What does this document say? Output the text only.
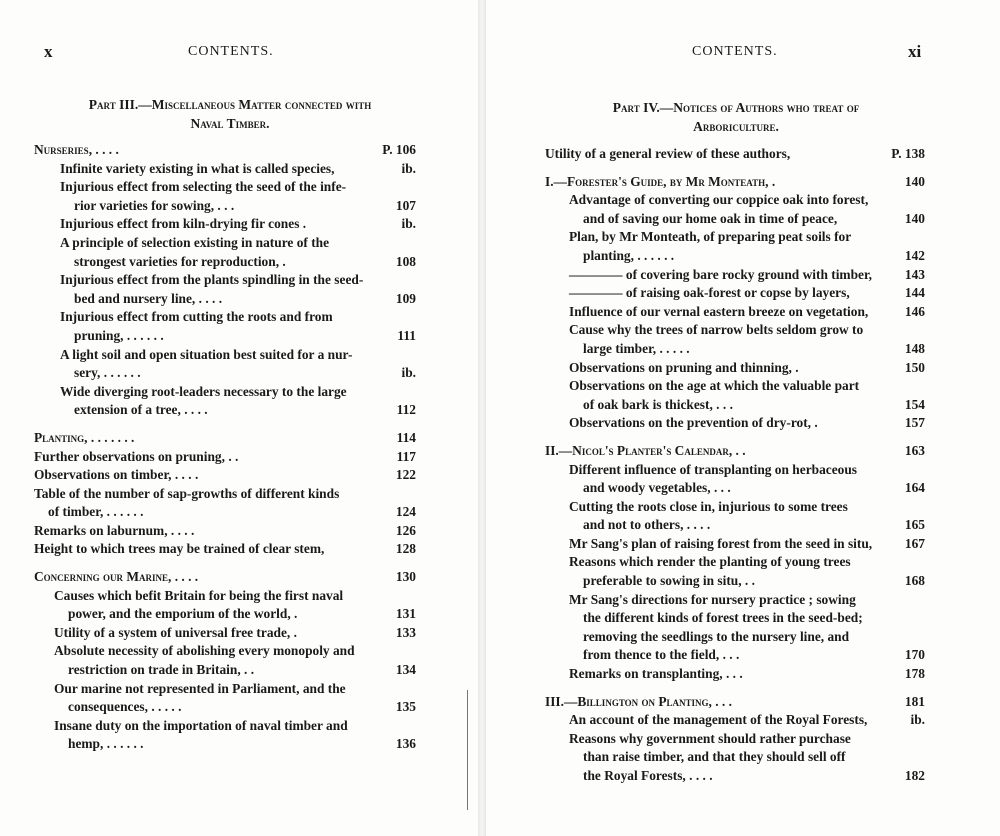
x	CONTENTS.
Part III.—Miscellaneous Matter connected with
Naval Timber.
Nurseries, . . . .	P. 106
Infinite variety existing in what is called species,	ib.
Injurious effect from selecting the seed of the infe-
rior varieties for sowing, . . .	107
Injurious effect from kiln-drying fir cones .	ib.
A principle of selection existing in nature of the
strongest varieties for reproduction, .	108
Injurious effect from the plants spindling in the seed-
bed and nursery line, . . . .	109
Injurious effect from cutting the roots and from
pruning, . . . . . .	111
A light soil and open situation best suited for a nur-
sery, . . . . . .	ib.
Wide diverging root-leaders necessary to the large
extension of a tree, . . . .	112
Planting, . . . . . . .	114
Further observations on pruning, . .	117
Observations on timber, . . . .	122
Table of the number of sap-growths of different kinds
of timber, . . . . . .	124
Remarks on laburnum, . . . .	126
Height to which trees may be trained of clear stem,	128
Concerning our Marine, . . . .	130
Causes which befit Britain for being the first naval
power, and the emporium of the world, .	131
Utility of a system of universal free trade, .	133
Absolute necessity of abolishing every monopoly and
restriction on trade in Britain, . .	134
Our marine not represented in Parliament, and the
consequences, . . . . .	135
Insane duty on the importation of naval timber and
hemp, . . . . . .	136
xi
CONTENTS.
Part IV.—Notices of Authors who treat of
Arboriculture.
Utility of a general review of these authors,	P. 138
I.—Forester's Guide, by Mr Monteath, .	140
Advantage of converting our coppice oak into forest,
and of saving our home oak in time of peace,	140
Plan, by Mr Monteath, of preparing peat soils for
planting, . . . . . .	142
———— of covering bare rocky ground with timber, 143
———— of raising oak-forest or copse by layers,	144
Influence of our vernal eastern breeze on vegetation,	146
Cause why the trees of narrow belts seldom grow to
large timber, . . . . .	148
Observations on pruning and thinning, .	150
Observations on the age at which the valuable part
of oak bark is thickest, . . .	154
Observations on the prevention of dry-rot, .	157
II.—Nicol's Planter's Calendar, . .	163
Different influence of transplanting on herbaceous
and woody vegetables, . . .	164
Cutting the roots close in, injurious to some trees
and not to others, . . . .	165
Mr Sang's plan of raising forest from the seed in situ, 167
Reasons which render the planting of young trees
preferable to sowing in situ, . .	168
Mr Sang's directions for nursery practice ; sowing
the different kinds of forest trees in the seed-bed;
removing the seedlings to the nursery line, and
from thence to the field, . . .	170
Remarks on transplanting, . . .	178
III.—Billington on Planting, . . .	181
An account of the management of the Royal Forests,	ib.
Reasons why government should rather purchase
than raise timber, and that they should sell off
the Royal Forests, . . . .	182
